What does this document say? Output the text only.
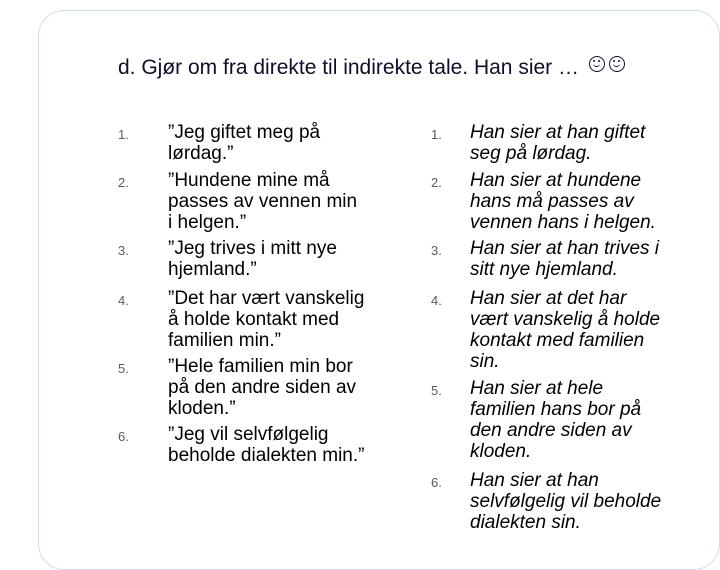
d. Gjør om fra direkte til indirekte tale. Han sier …
1. ”Jeg giftet meg på
lørdag.”
2. ”Hundene mine må
passes av vennen min
i helgen.”
3. ”Jeg trives i mitt nye
hjemland.”
4. ”Det har vært vanskelig
å holde kontakt med
familien min.”
5. ”Hele familien min bor
på den andre siden av
kloden.”
6. ”Jeg vil selvfølgelig
beholde dialekten min.”
1. Han sier at han giftet
seg på lørdag.
2. Han sier at hundene
hans må passes av
vennen hans i helgen.
3. Han sier at han trives i
sitt nye hjemland.
4. Han sier at det har
vært vanskelig å holde
kontakt med familien
sin.
5. Han sier at hele
familien hans bor på
den andre siden av
kloden.
6. Han sier at han
selvfølgelig vil beholde
dialekten sin.
